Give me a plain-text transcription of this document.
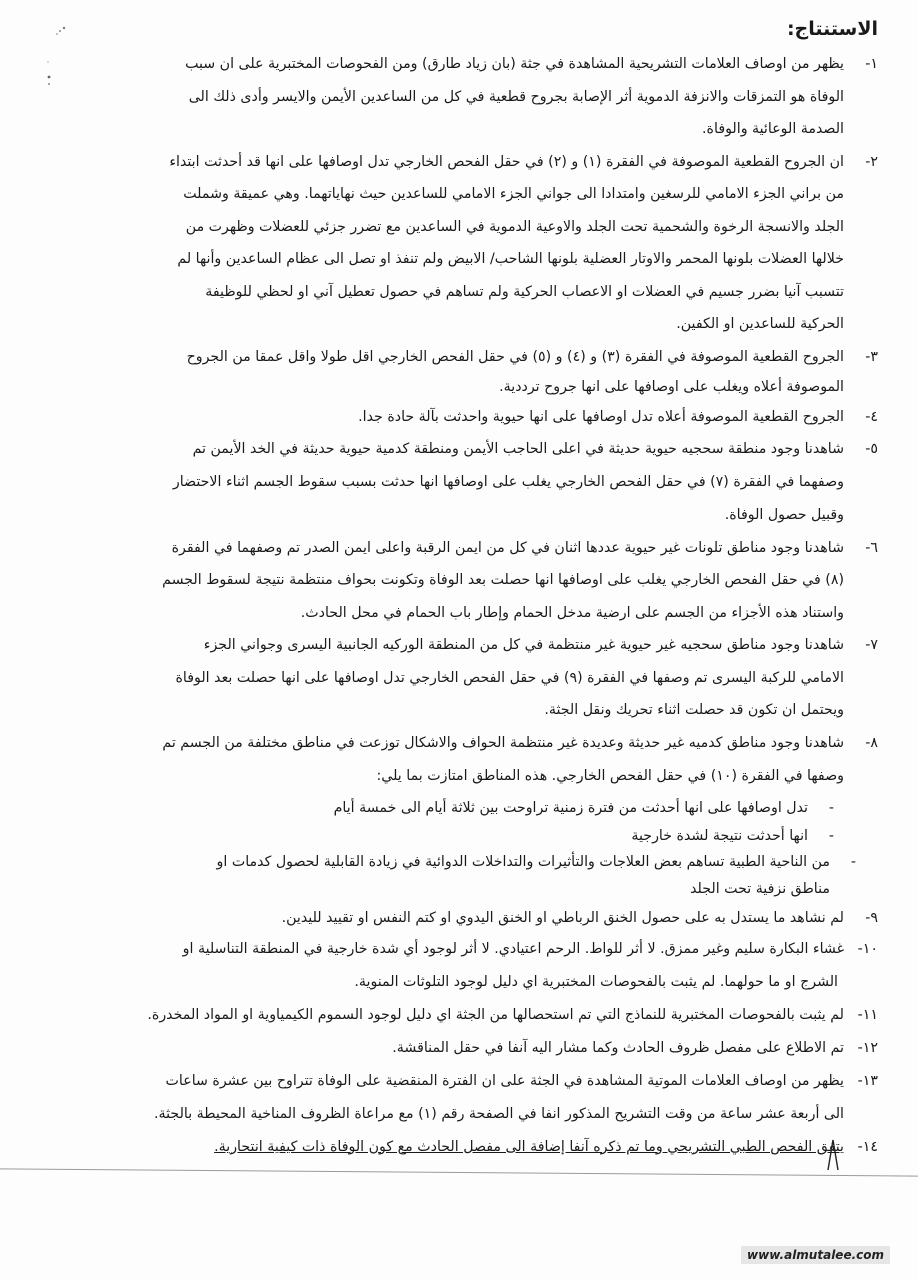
الاستنتاج:
١-

يظهر من اوصاف العلامات التشريحية المشاهدة في جثة (بان زياد طارق) ومن الفحوصات المختبرية على ان سبب

الوفاة هو التمزقات والانزفة الدموية أثر الإصابة بجروح قطعية في كل من الساعدين الأيمن والايسر وأدى ذلك الى

الصدمة الوعائية والوفاة.

٢-

ان الجروح القطعية الموصوفة في الفقرة (١) و (٢) في حقل الفحص الخارجي تدل اوصافها على انها قد أحدثت ابتداء

من براني الجزء الامامي للرسغين وامتدادا الى جواني الجزء الامامي للساعدين حيث نهاياتهما. وهي عميقة وشملت

الجلد والانسجة الرخوة والشحمية تحت الجلد والاوعية الدموية في الساعدين مع تضرر جزئي للعضلات وظهرت من

خلالها العضلات بلونها المحمر والاوتار العضلية بلونها الشاحب/ الابيض ولم تنفذ او تصل الى عظام الساعدين وأنها لم

تتسبب آنيا بضرر جسيم في العضلات او الاعصاب الحركية ولم تساهم في حصول تعطيل آني او لحظي للوظيفة

الحركية للساعدين او الكفين.

٣-

الجروح القطعية الموصوفة في الفقرة (٣) و (٤) و (٥) في حقل الفحص الخارجي اقل طولا واقل عمقا من الجروح

الموصوفة أعلاه ويغلب على اوصافها على انها جروح ترددية.

٤-

الجروح القطعية الموصوفة أعلاه تدل اوصافها على انها حيوية واحدثت بآلة حادة جدا.

٥-

شاهدنا وجود منطقة سحجيه حيوية حديثة في اعلى الحاجب الأيمن ومنطقة كدمية حيوية حديثة في الخد الأيمن تم

وصفهما في الفقرة (٧) في حقل الفحص الخارجي يغلب على اوصافها انها حدثت بسبب سقوط الجسم اثناء الاحتضار

وقبيل حصول الوفاة.

٦-

شاهدنا وجود مناطق تلونات غير حيوية عددها اثنان في كل من ايمن الرقبة واعلى ايمن الصدر تم وصفهما في الفقرة

(٨) في حقل الفحص الخارجي يغلب على اوصافها انها حصلت بعد الوفاة وتكونت بحواف منتظمة نتيجة لسقوط الجسم

واستناد هذه الأجزاء من الجسم على ارضية مدخل الحمام وإطار باب الحمام في محل الحادث.

٧-

شاهدنا وجود مناطق سحجيه غير حيوية غير منتظمة في كل من المنطقة الوركيه الجانبية اليسرى وجواني الجزء

الامامي للركبة اليسرى تم وصفها في الفقرة (٩) في حقل الفحص الخارجي تدل اوصافها على انها حصلت بعد الوفاة

ويحتمل ان تكون قد حصلت اثناء تحريك ونقل الجثة.

٨-

شاهدنا وجود مناطق كدميه غير حديثة وعديدة غير منتظمة الحواف والاشكال توزعت في مناطق مختلفة من الجسم تم

وصفها في الفقرة (١٠) في حقل الفحص الخارجي. هذه المناطق امتازت بما يلي:

-

تدل اوصافها على انها أحدثت من فترة زمنية تراوحت بين ثلاثة أيام الى خمسة أيام

-

انها أحدثت نتيجة لشدة خارجية

-

من الناحية الطبية تساهم بعض العلاجات والتأثيرات والتداخلات الدوائية في زيادة القابلية لحصول كدمات او

مناطق نزفية تحت الجلد

٩-

لم نشاهد ما يستدل به على حصول الخنق الرباطي او الخنق اليدوي او كتم النفس او تقييد لليدين.

١٠-

غشاء البكارة سليم وغير ممزق. لا أثر للواط. الرحم اعتيادي. لا أثر لوجود أي شدة خارجية في المنطقة التناسلية او

الشرج او ما حولهما. لم يثبت بالفحوصات المختبرية اي دليل لوجود التلوثات المنوية.

١١-

لم يثبت بالفحوصات المختبرية للنماذج التي تم استحصالها من الجثة اي دليل لوجود السموم الكيمياوية او المواد المخدرة.

١٢-

تم الاطلاع على مفصل ظروف الحادث وكما مشار اليه آنفا في حقل المناقشة.

١٣-

يظهر من اوصاف العلامات الموتية المشاهدة في الجثة على ان الفترة المنقضية على الوفاة تتراوح بين عشرة ساعات

الى أربعة عشر ساعة من وقت التشريح المذكور انفا في الصفحة رقم (١) مع مراعاة الظروف المناخية المحيطة بالجثة.

١٤-

يتفق الفحص الطبي التشريحي وما تم ذكره آنفا إضافة الى مفصل الحادث مع كون الوفاة ذات كيفية انتحارية.

www.almutalee.com
